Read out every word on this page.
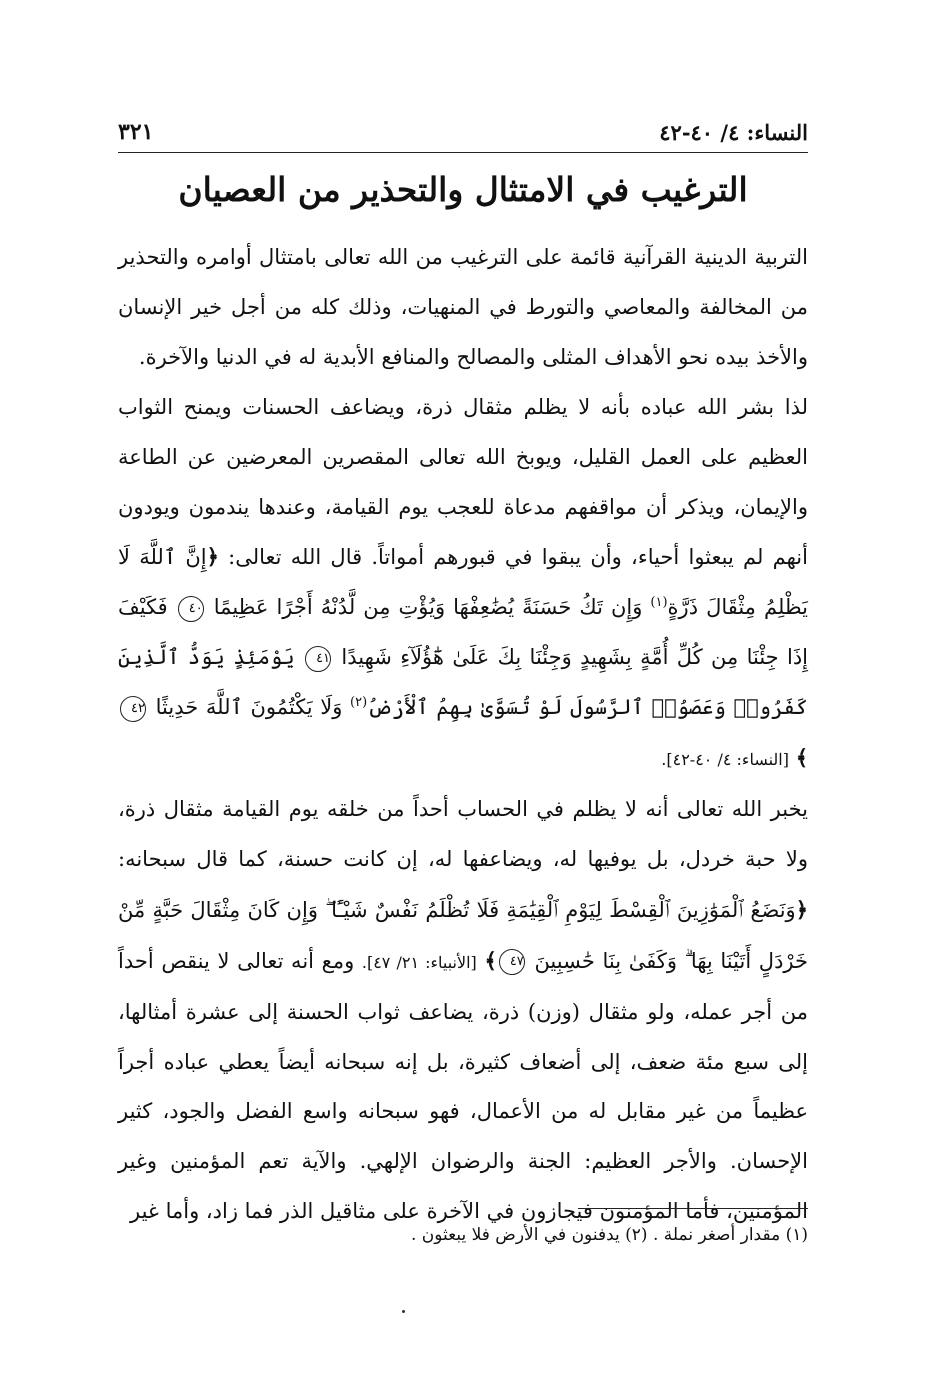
النساء: ٤/ ٤٠-٤٢
٣٢١
الترغيب في الامتثال والتحذير من العصيان

التربية الدينية القرآنية قائمة على الترغيب من الله تعالى بامتثال أوامره والتحذير من المخالفة والمعاصي والتورط في المنهيات، وذلك كله من أجل خير الإنسان والأخذ بيده نحو الأهداف المثلى والمصالح والمنافع الأبدية له في الدنيا والآخرة.

لذا بشر الله عباده بأنه لا يظلم مثقال ذرة، ويضاعف الحسنات ويمنح الثواب العظيم على العمل القليل، ويوبخ الله تعالى المقصرين المعرضين عن الطاعة والإيمان، ويذكر أن مواقفهم مدعاة للعجب يوم القيامة، وعندها يندمون ويودون أنهم لم يبعثوا أحياء، وأن يبقوا في قبورهم أمواتاً. قال الله تعالى: ﴿إِنَّ ٱللَّهَ لَا يَظْلِمُ مِثْقَالَ ذَرَّةٍ$^{(١)}$ وَإِن تَكُ حَسَنَةً يُضَٰعِفْهَا وَيُؤْتِ مِن لَّدُنْهُ أَجْرًا عَظِيمًا ٤٠ فَكَيْفَ إِذَا جِئْنَا مِن كُلِّ أُمَّةٍ بِشَهِيدٍ وَجِئْنَا بِكَ عَلَىٰ هَٰٓؤُلَآءِ شَهِيدًا ٤١ يَوْمَئِذٍ يَوَدُّ ٱلَّذِينَ كَفَرُوا۟ وَعَصَوُا۟ ٱلرَّسُولَ لَوْ تُسَوَّىٰ بِهِمُ ٱلْأَرْضُ$^{(٢)}$ وَلَا يَكْتُمُونَ ٱللَّهَ حَدِيثًا ٤٢﴾ [النساء: ٤/ ٤٠-٤٢].

يخبر الله تعالى أنه لا يظلم في الحساب أحداً من خلقه يوم القيامة مثقال ذرة، ولا حبة خردل، بل يوفيها له، ويضاعفها له، إن كانت حسنة، كما قال سبحانه: ﴿وَنَضَعُ ٱلْمَوَٰزِينَ ٱلْقِسْطَ لِيَوْمِ ٱلْقِيَٰمَةِ فَلَا تُظْلَمُ نَفْسٌ شَيْـًٔا ۖ وَإِن كَانَ مِثْقَالَ حَبَّةٍ مِّنْ خَرْدَلٍ أَتَيْنَا بِهَا ۗ وَكَفَىٰ بِنَا حَٰسِبِينَ ٤٧﴾ [الأنبياء: ٢١/ ٤٧]. ومع أنه تعالى لا ينقص أحداً من أجر عمله، ولو مثقال (وزن) ذرة، يضاعف ثواب الحسنة إلى عشرة أمثالها، إلى سبع مئة ضعف، إلى أضعاف كثيرة، بل إنه سبحانه أيضاً يعطي عباده أجراً عظيماً من غير مقابل له من الأعمال، فهو سبحانه واسع الفضل والجود، كثير الإحسان. والأجر العظيم: الجنة والرضوان الإلهي. والآية تعم المؤمنين وغير المؤمنين، فأما المؤمنون فيجازون في الآخرة على مثاقيل الذر فما زاد، وأما غير

(١) مقدار أصغر نملة . (٢) يدفنون في الأرض فلا يبعثون .
